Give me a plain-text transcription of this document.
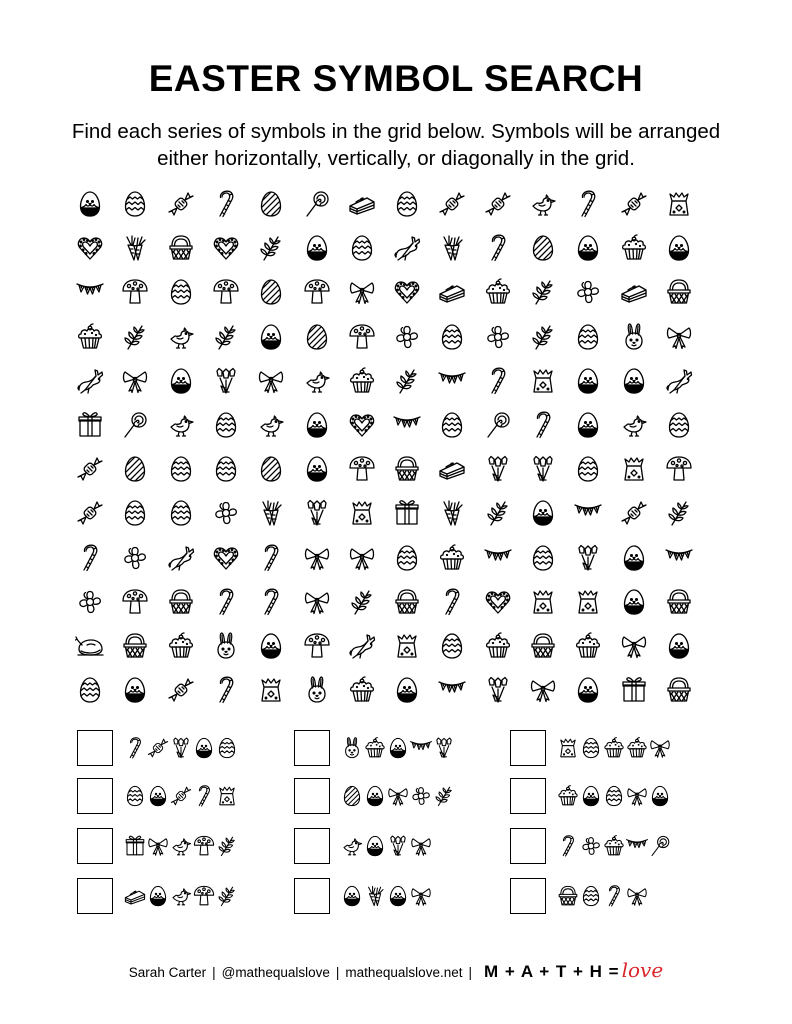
EASTER SYMBOL SEARCH
Find each series of symbols in the grid below. Symbols will be arranged either horizontally, vertically, or diagonally in the grid.
Sarah Carter | @mathequalslove | mathequalslove.net | M + A + T + H = love
